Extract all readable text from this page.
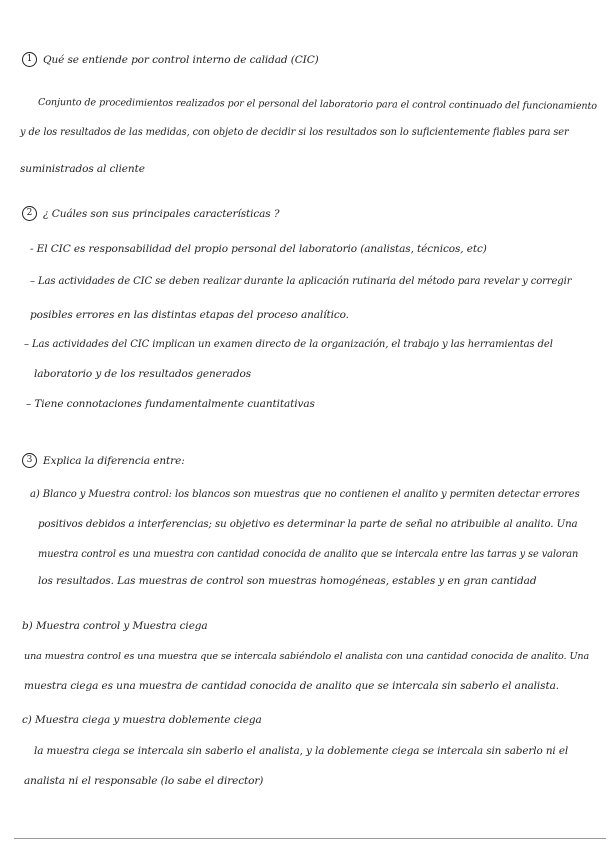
1	Qué se entiende por control interno de calidad (CIC)
Conjunto de procedimientos realizados por el personal del laboratorio para el control continuado del funcionamiento
y de los resultados de las medidas, con objeto de decidir si los resultados son lo suficientemente fiables para ser
suministrados al cliente
2	¿ Cuáles son sus principales características ?
- El CIC es responsabilidad del propio personal del laboratorio (analistas, técnicos, etc)
– Las actividades de CIC se deben realizar durante la aplicación rutinaria del método para revelar y corregir
posibles errores en las distintas etapas del proceso analítico.
– Las actividades del CIC implican un examen directo de la organización, el trabajo y las herramientas del
laboratorio y de los resultados generados
– Tiene connotaciones fundamentalmente cuantitativas
3	Explica la diferencia entre:
a) Blanco y Muestra control: los blancos son muestras que no contienen el analito y permiten detectar errores
positivos debidos a interferencias; su objetivo es determinar la parte de señal no atribuible al analito. Una
muestra control es una muestra con cantidad conocida de analito que se intercala entre las tarras y se valoran
los resultados. Las muestras de control son muestras homogéneas, estables y en gran cantidad
b) Muestra control y Muestra ciega
una muestra control es una muestra que se intercala sabiéndolo el analista con una cantidad conocida de analito. Una
muestra ciega es una muestra de cantidad conocida de analito que se intercala sin saberlo el analista.
c) Muestra ciega y muestra doblemente ciega
la muestra ciega se intercala sin saberlo el analista, y la doblemente ciega se intercala sin saberlo ni el
analista ni el responsable (lo sabe el director)
